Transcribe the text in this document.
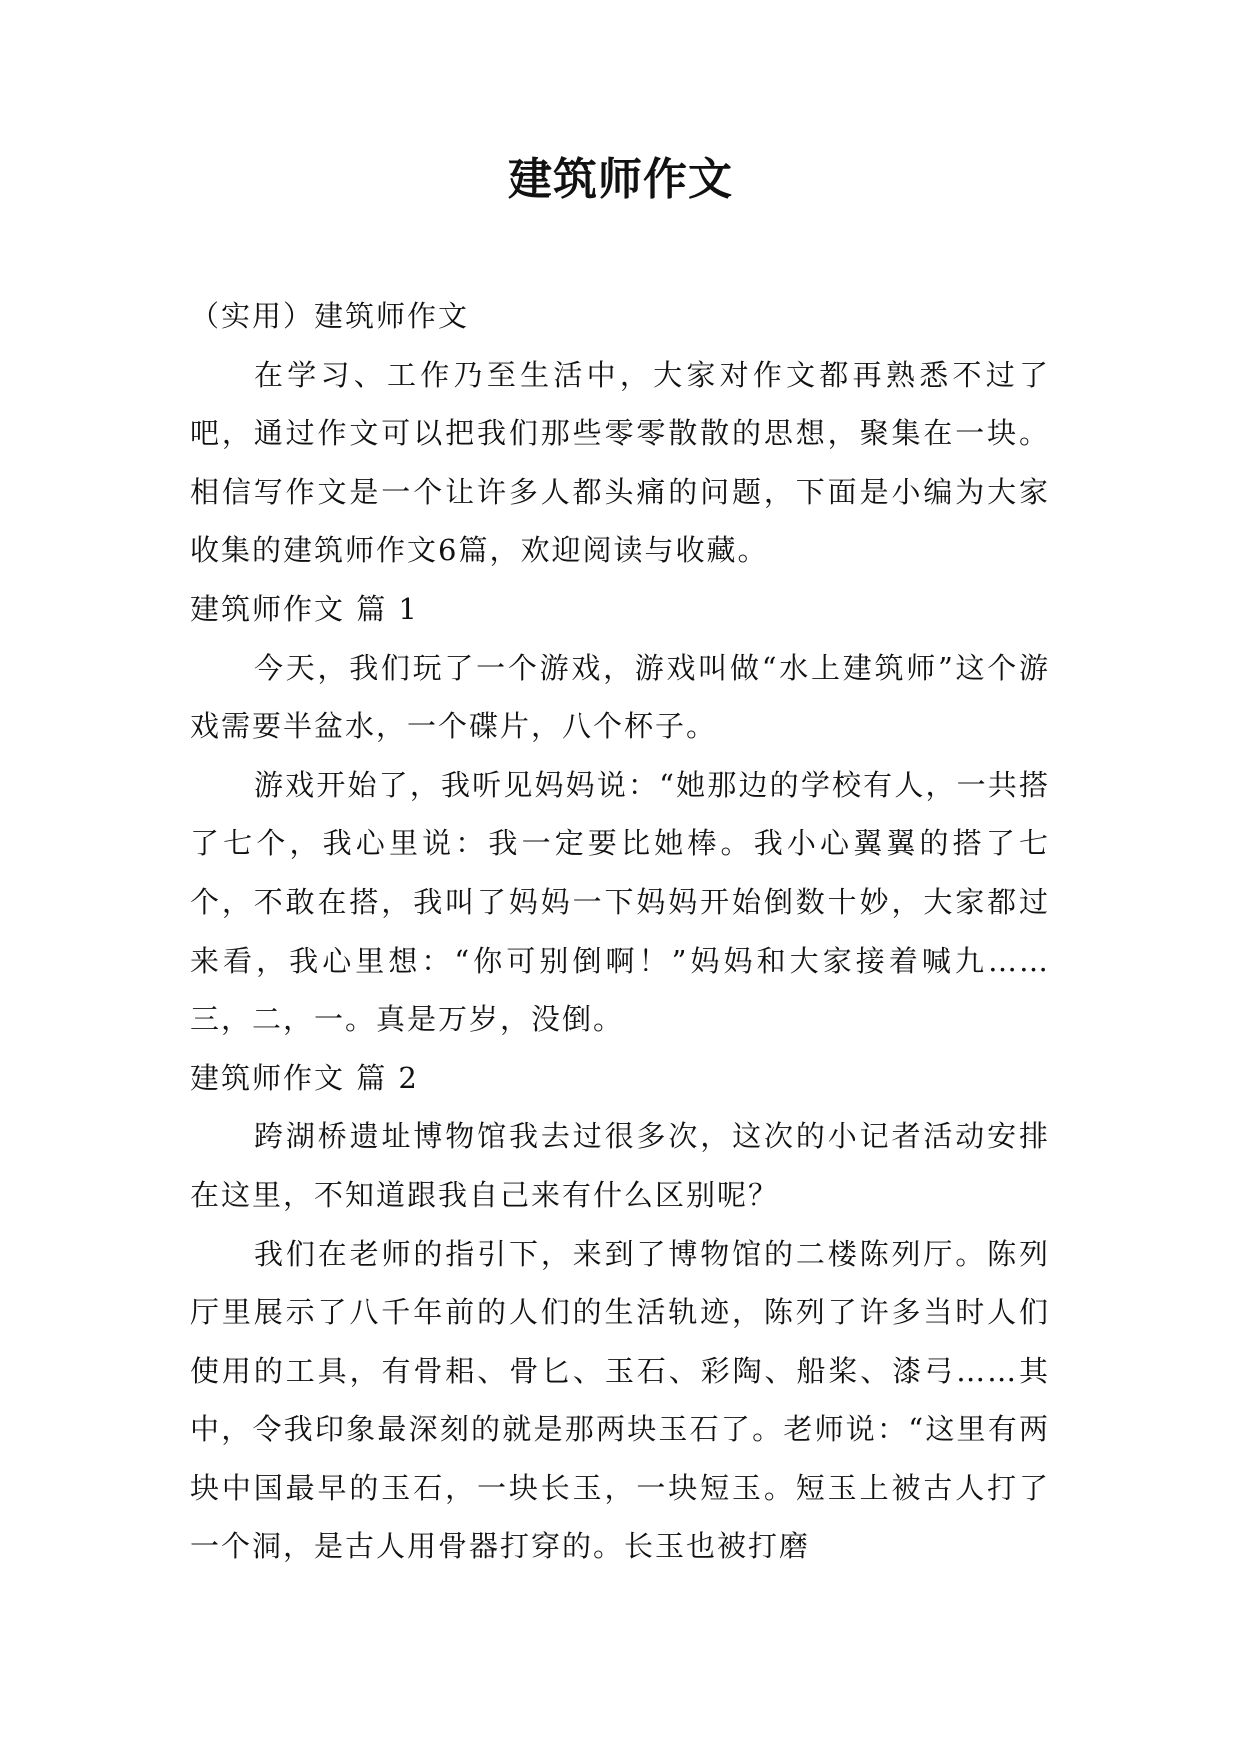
建筑师作文

（实用）建筑师作文

在学习、工作乃至生活中，大家对作文都再熟悉不过了吧，通过作文可以把我们那些零零散散的思想，聚集在一块。相信写作文是一个让许多人都头痛的问题，下面是小编为大家收集的建筑师作文6篇，欢迎阅读与收藏。

建筑师作文 篇 1

今天，我们玩了一个游戏，游戏叫做“水上建筑师”这个游戏需要半盆水，一个碟片，八个杯子。

游戏开始了，我听见妈妈说：“她那边的学校有人，一共搭了七个，我心里说：我一定要比她棒。我小心翼翼的搭了七个，不敢在搭，我叫了妈妈一下妈妈开始倒数十妙，大家都过来看，我心里想：“你可别倒啊！”妈妈和大家接着喊九……三，二，一。真是万岁，没倒。

建筑师作文 篇 2

跨湖桥遗址博物馆我去过很多次，这次的小记者活动安排在这里，不知道跟我自己来有什么区别呢？

我们在老师的指引下，来到了博物馆的二楼陈列厅。陈列厅里展示了八千年前的人们的生活轨迹，陈列了许多当时人们使用的工具，有骨耜、骨匕、玉石、彩陶、船桨、漆弓……其中，令我印象最深刻的就是那两块玉石了。老师说：“这里有两块中国最早的玉石，一块长玉，一块短玉。短玉上被古人打了一个洞，是古人用骨器打穿的。长玉也被打磨
